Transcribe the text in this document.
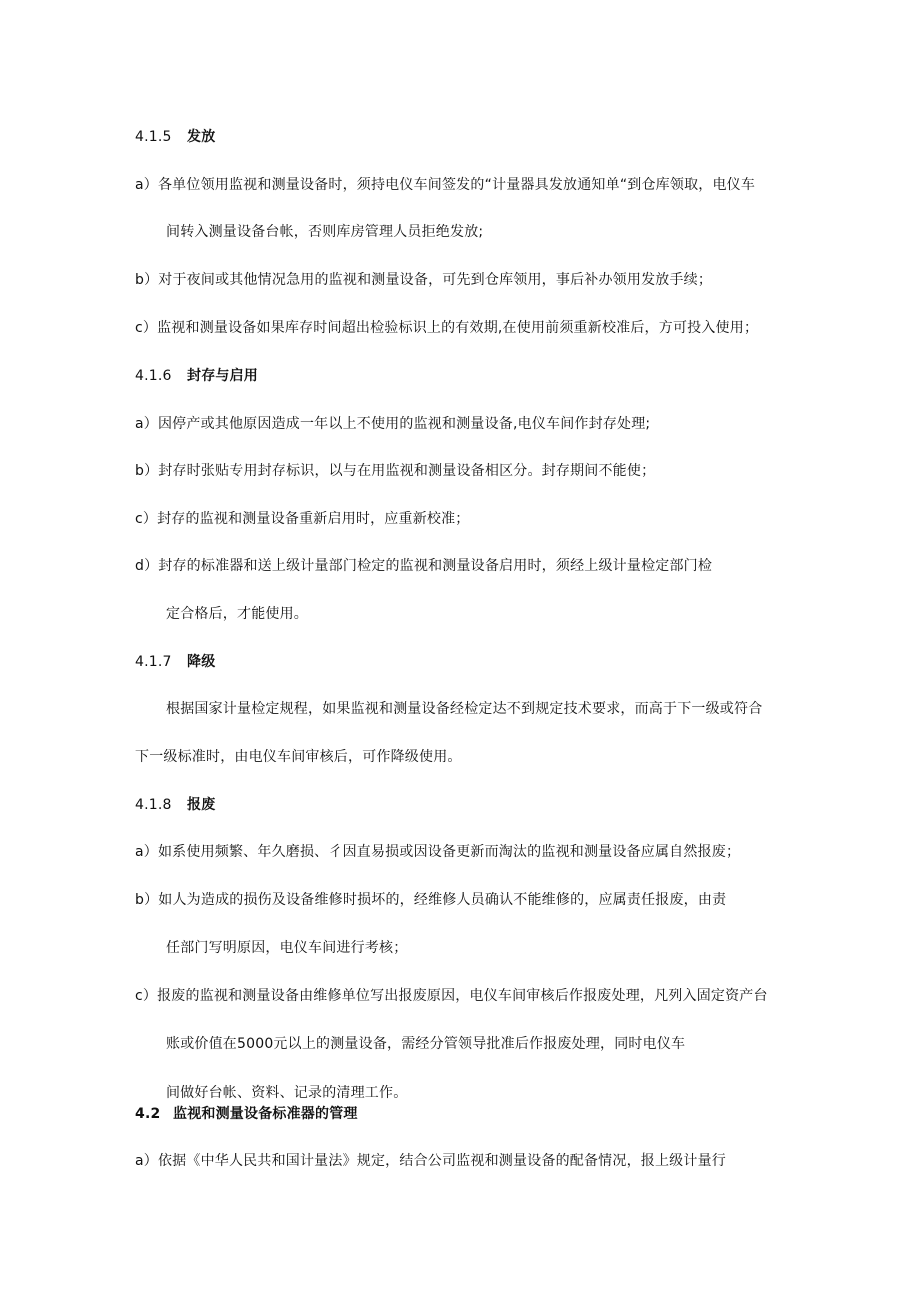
4.1.5 发放
a）各单位领用监视和测量设备时，须持电仪车间签发的“计量器具发放通知单“到仓库领取，电仪车
间转入测量设备台帐，否则库房管理人员拒绝发放;
b）对于夜间或其他情况急用的监视和测量设备，可先到仓库领用，事后补办领用发放手续；
c）监视和测量设备如果库存时间超出检验标识上的有效期,在使用前须重新校准后，方可投入使用；
4.1.6 封存与启用
a）因停产或其他原因造成一年以上不使用的监视和测量设备,电仪车间作封存处理;
b）封存时张贴专用封存标识，以与在用监视和测量设备相区分。封存期间不能使；
c）封存的监视和测量设备重新启用时，应重新校准；
d）封存的标准器和送上级计量部门检定的监视和测量设备启用时，须经上级计量检定部门检
定合格后，才能使用。
4.1.7 降级
根据国家计量检定规程，如果监视和测量设备经检定达不到规定技术要求，而高于下一级或符合
下一级标准时，由电仪车间审核后，可作降级使用。
4.1.8 报废
a）如系使用频繁、年久磨损、彳因直易损或因设备更新而淘汰的监视和测量设备应属自然报废；
b）如人为造成的损伤及设备维修时损坏的，经维修人员确认不能维修的，应属责任报废，由责
任部门写明原因，电仪车间进行考核；
c）报废的监视和测量设备由维修单位写出报废原因，电仪车间审核后作报废处理，凡列入固定资产台
账或价值在5000元以上的测量设备，需经分管领导批准后作报废处理，同时电仪车
间做好台帐、资料、记录的清理工作。
4.2 监视和测量设备标准器的管理
a）依据《中华人民共和国计量法》规定，结合公司监视和测量设备的配备情况，报上级计量行
